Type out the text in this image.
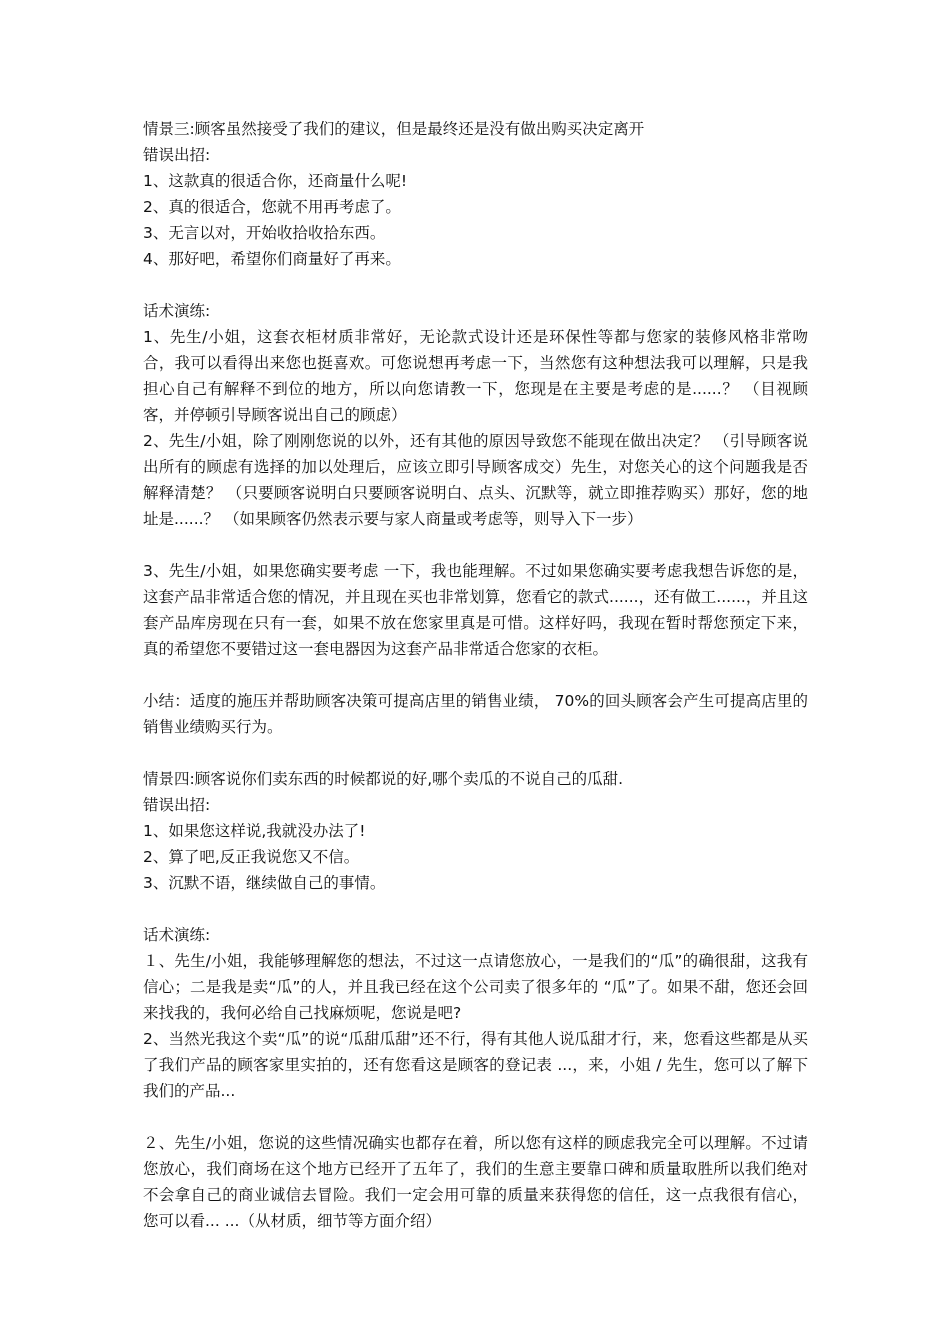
情景三:顾客虽然接受了我们的建议，但是最终还是没有做出购买决定离开
错误出招:
1、这款真的很适合你，还商量什么呢!
2、真的很适合，您就不用再考虑了。
3、无言以对，开始收拾收拾东西。
4、那好吧，希望你们商量好了再来。
话术演练:
1、先生/小姐，这套衣柜材质非常好，无论款式设计还是环保性等都与您家的装修风格非常吻合，我可以看得出来您也挺喜欢。可您说想再考虑一下，当然您有这种想法我可以理解，只是我担心自己有解释不到位的地方，所以向您请教一下，您现是在主要是考虑的是......？ （目视顾客，并停顿引导顾客说出自己的顾虑）
2、先生/小姐，除了刚刚您说的以外，还有其他的原因导致您不能现在做出决定？ （引导顾客说出所有的顾虑有选择的加以处理后，应该立即引导顾客成交）先生，对您关心的这个问题我是否解释清楚？ （只要顾客说明白只要顾客说明白、点头、沉默等，就立即推荐购买）那好，您的地址是......？ （如果顾客仍然表示要与家人商量或考虑等，则导入下一步）
3、先生/小姐，如果您确实要考虑 一下，我也能理解。不过如果您确实要考虑我想告诉您的是，这套产品非常适合您的情况，并且现在买也非常划算，您看它的款式......，还有做工......，并且这套产品库房现在只有一套，如果不放在您家里真是可惜。这样好吗，我现在暂时帮您预定下来，真的希望您不要错过这一套电器因为这套产品非常适合您家的衣柜。
小结：适度的施压并帮助顾客决策可提高店里的销售业绩， 70%的回头顾客会产生可提高店里的销售业绩购买行为。
情景四:顾客说你们卖东西的时候都说的好,哪个卖瓜的不说自己的瓜甜.
错误出招:
1、如果您这样说,我就没办法了!
2、算了吧,反正我说您又不信。
3、沉默不语，继续做自己的事情。
话术演练:
１、先生/小姐，我能够理解您的想法，不过这一点请您放心，一是我们的“瓜”的确很甜，这我有信心；二是我是卖“瓜”的人，并且我已经在这个公司卖了很多年的 “瓜”了。如果不甜，您还会回来找我的，我何必给自己找麻烦呢，您说是吧?
2、当然光我这个卖“瓜”的说“瓜甜瓜甜”还不行，得有其他人说瓜甜才行，来，您看这些都是从买了我们产品的顾客家里实拍的，还有您看这是顾客的登记表 ...，来，小姐 / 先生，您可以了解下我们的产品...
２、先生/小姐，您说的这些情况确实也都存在着，所以您有这样的顾虑我完全可以理解。不过请您放心，我们商场在这个地方已经开了五年了，我们的生意主要靠口碑和质量取胜所以我们绝对不会拿自己的商业诚信去冒险。我们一定会用可靠的质量来获得您的信任，这一点我很有信心，您可以看... ...（从材质，细节等方面介绍）
